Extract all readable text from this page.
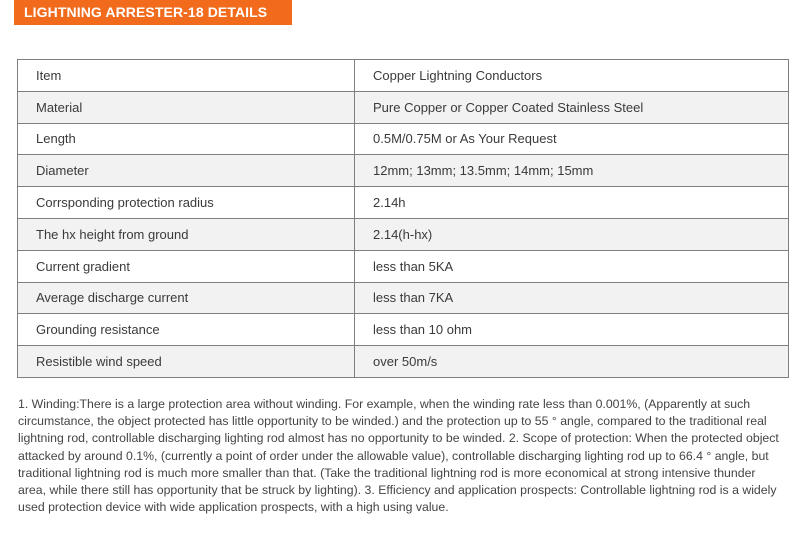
LIGHTNING ARRESTER-18 DETAILS
Item	Copper Lightning Conductors
Material	Pure Copper or Copper Coated Stainless Steel
Length	0.5M/0.75M or As Your Request
Diameter	12mm; 13mm; 13.5mm; 14mm; 15mm
Corrsponding protection radius	2.14h
The hx height from ground	2.14(h-hx)
Current gradient	less than 5KA
Average discharge current	less than 7KA
Grounding resistance	less than 10 ohm
Resistible wind speed	over 50m/s

1. Winding:There is a large protection area without winding. For example, when the winding rate less than 0.001%, (Apparently at such circumstance, the object protected has little opportunity to be winded.) and the protection up to 55 ° angle, compared to the traditional real lightning rod, controllable discharging lighting rod almost has no opportunity to be winded. 2. Scope of protection: When the protected object attacked by around 0.1%, (currently a point of order under the allowable value), controllable discharging lighting rod up to 66.4 ° angle, but traditional lightning rod is much more smaller than that. (Take the traditional lightning rod is more economical at strong intensive thunder area, while there still has opportunity that be struck by lighting). 3. Efficiency and application prospects: Controllable lightning rod is a widely used protection device with wide application prospects, with a high using value.
